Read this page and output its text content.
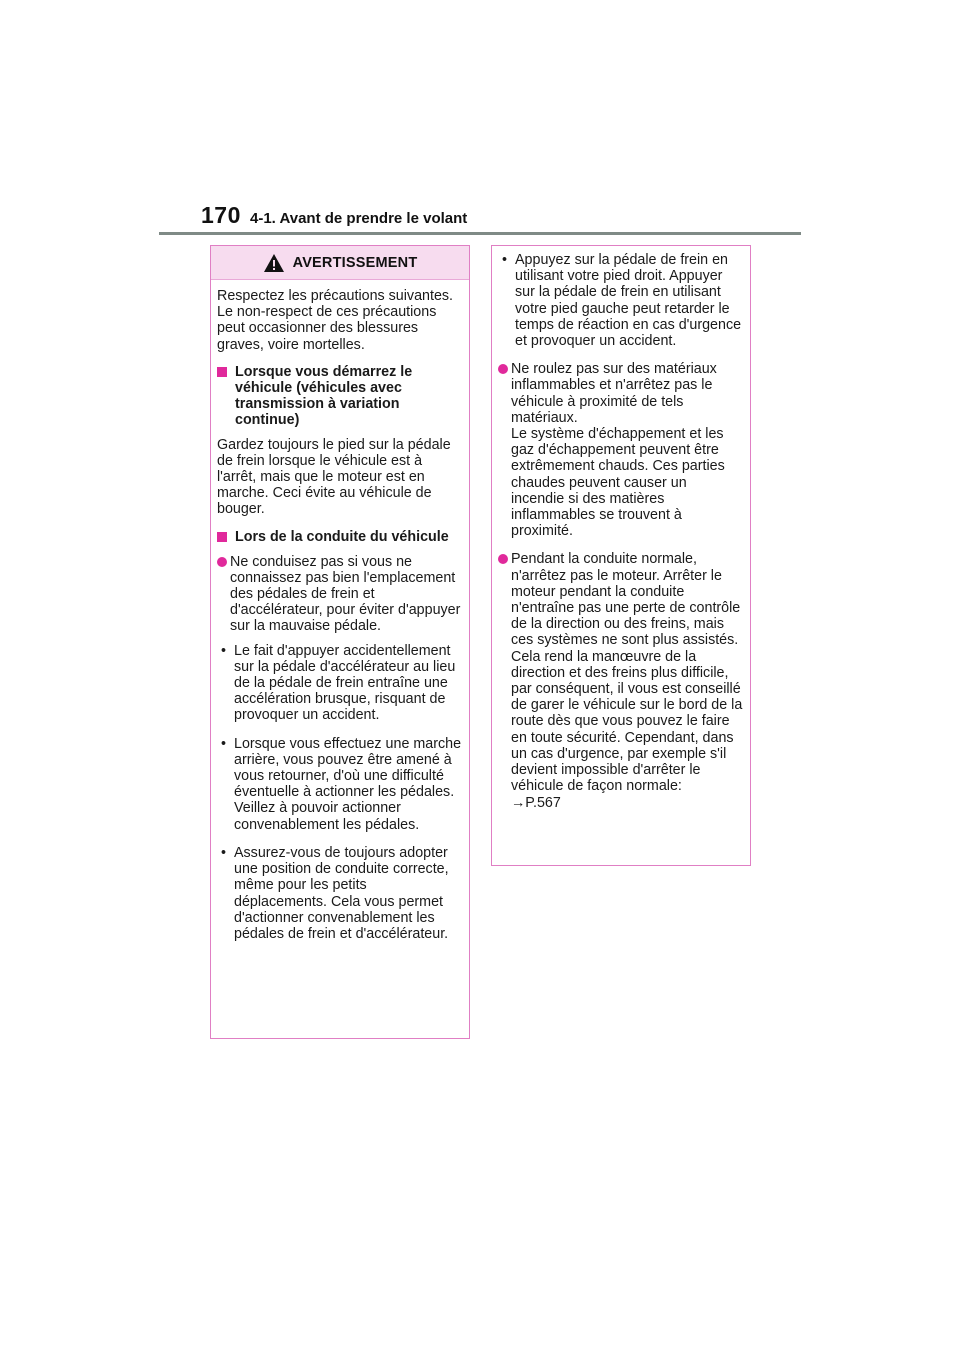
170 4-1. Avant de prendre le volant
AVERTISSEMENT

Respectez les précautions suivantes.
Le non-respect de ces précautions peut occasionner des blessures graves, voire mortelles.

Lorsque vous démarrez le véhicule (véhicules avec transmission à variation continue)

Gardez toujours le pied sur la pédale de frein lorsque le véhicule est à l'arrêt, mais que le moteur est en marche. Ceci évite au véhicule de bouger.

Lors de la conduite du véhicule
Ne conduisez pas si vous ne connaissez pas bien l'emplacement des pédales de frein et d'accélérateur, pour éviter d'appuyer sur la mauvaise pédale.
• Le fait d'appuyer accidentellement sur la pédale d'accélérateur au lieu de la pédale de frein entraîne une accélération brusque, risquant de provoquer un accident.
• Lorsque vous effectuez une marche arrière, vous pouvez être amené à vous retourner, d'où une difficulté éventuelle à actionner les pédales. Veillez à pouvoir actionner convenablement les pédales.
• Assurez-vous de toujours adopter une position de conduite correcte, même pour les petits déplacements. Cela vous permet d'actionner convenablement les pédales de frein et d'accélérateur.
• Appuyez sur la pédale de frein en utilisant votre pied droit. Appuyer sur la pédale de frein en utilisant votre pied gauche peut retarder le temps de réaction en cas d'urgence et provoquer un accident.
Ne roulez pas sur des matériaux inflammables et n'arrêtez pas le véhicule à proximité de tels matériaux.
Le système d'échappement et les gaz d'échappement peuvent être extrêmement chauds. Ces parties chaudes peuvent causer un incendie si des matières inflammables se trouvent à proximité.
Pendant la conduite normale, n'arrêtez pas le moteur. Arrêter le moteur pendant la conduite n'entraîne pas une perte de contrôle de la direction ou des freins, mais ces systèmes ne sont plus assistés. Cela rend la manœuvre de la direction et des freins plus difficile, par conséquent, il vous est conseillé de garer le véhicule sur le bord de la route dès que vous pouvez le faire en toute sécurité. Cependant, dans un cas d'urgence, par exemple s'il devient impossible d'arrêter le véhicule de façon normale:
→P.567
